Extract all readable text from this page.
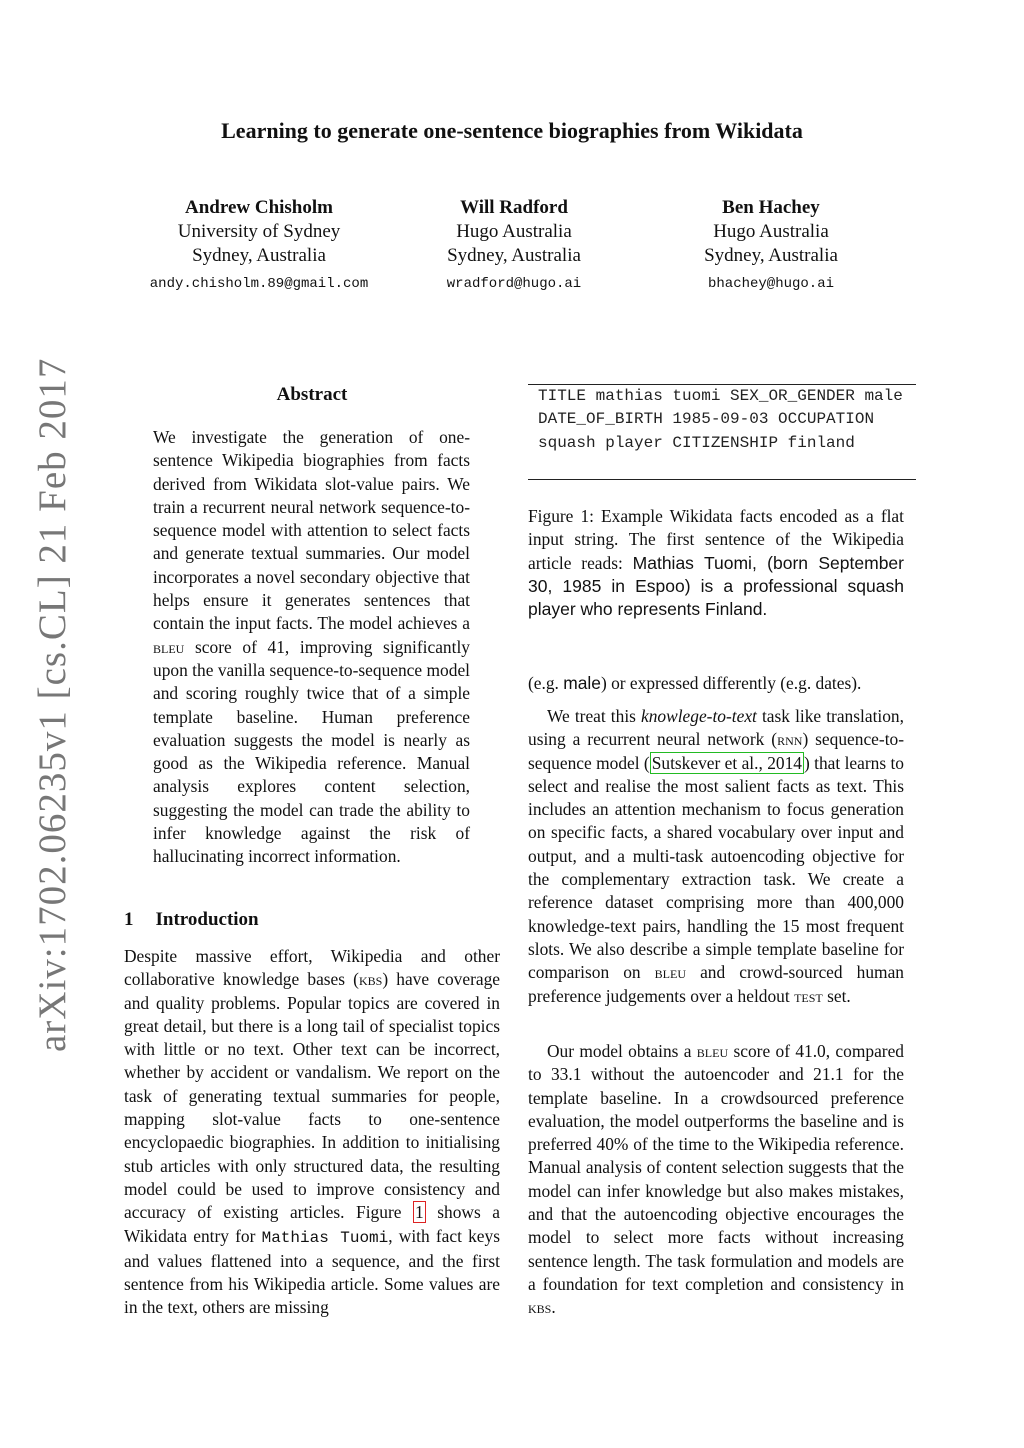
arXiv:1702.06235v1 [cs.CL] 21 Feb 2017
Learning to generate one-sentence biographies from Wikidata
Andrew Chisholm
University of Sydney
Sydney, Australia
andy.chisholm.89@gmail.com
Will Radford
Hugo Australia
Sydney, Australia
wradford@hugo.ai
Ben Hachey
Hugo Australia
Sydney, Australia
bhachey@hugo.ai
Abstract

We investigate the generation of one-sentence Wikipedia biographies from facts derived from Wikidata slot-value pairs. We train a recurrent neural network sequence-to-sequence model with attention to select facts and generate textual summaries. Our model incorporates a novel secondary objective that helps ensure it generates sentences that contain the input facts. The model achieves a bleu score of 41, improving significantly upon the vanilla sequence-to-sequence model and scoring roughly twice that of a simple template baseline. Human preference evaluation suggests the model is nearly as good as the Wikipedia reference. Manual analysis explores content selection, suggesting the model can trade the ability to infer knowledge against the risk of hallucinating incorrect information.

1 Introduction

Despite massive effort, Wikipedia and other collaborative knowledge bases (kbs) have coverage and quality problems. Popular topics are covered in great detail, but there is a long tail of specialist topics with little or no text. Other text can be incorrect, whether by accident or vandalism. We report on the task of generating textual summaries for people, mapping slot-value facts to one-sentence encyclopaedic biographies. In addition to initialising stub articles with only structured data, the resulting model could be used to improve consistency and accuracy of existing articles. Figure 1 shows a Wikidata entry for Mathias Tuomi, with fact keys and values flattened into a sequence, and the first sentence from his Wikipedia article. Some values are in the text, others are missing

TITLE mathias tuomi SEX_OR_GENDER male DATE_OF_BIRTH 1985-09-03 OCCUPATION squash player CITIZENSHIP finland

Figure 1: Example Wikidata facts encoded as a flat input string. The first sentence of the Wikipedia article reads: Mathias Tuomi, (born September 30, 1985 in Espoo) is a professional squash player who represents Finland.

(e.g. male) or expressed differently (e.g. dates).

We treat this knowlege-to-text task like translation, using a recurrent neural network (rnn) sequence-to-sequence model ( Sutskever et al., 2014 ) that learns to select and realise the most salient facts as text. This includes an attention mechanism to focus generation on specific facts, a shared vocabulary over input and output, and a multi-task autoencoding objective for the complementary extraction task. We create a reference dataset comprising more than 400,000 knowledge-text pairs, handling the 15 most frequent slots. We also describe a simple template baseline for comparison on bleu and crowd-sourced human preference judgements over a heldout test set.

Our model obtains a bleu score of 41.0, compared to 33.1 without the autoencoder and 21.1 for the template baseline. In a crowdsourced preference evaluation, the model outperforms the baseline and is preferred 40% of the time to the Wikipedia reference. Manual analysis of content selection suggests that the model can infer knowledge but also makes mistakes, and that the autoencoding objective encourages the model to select more facts without increasing sentence length. The task formulation and models are a foundation for text completion and consistency in kbs.
